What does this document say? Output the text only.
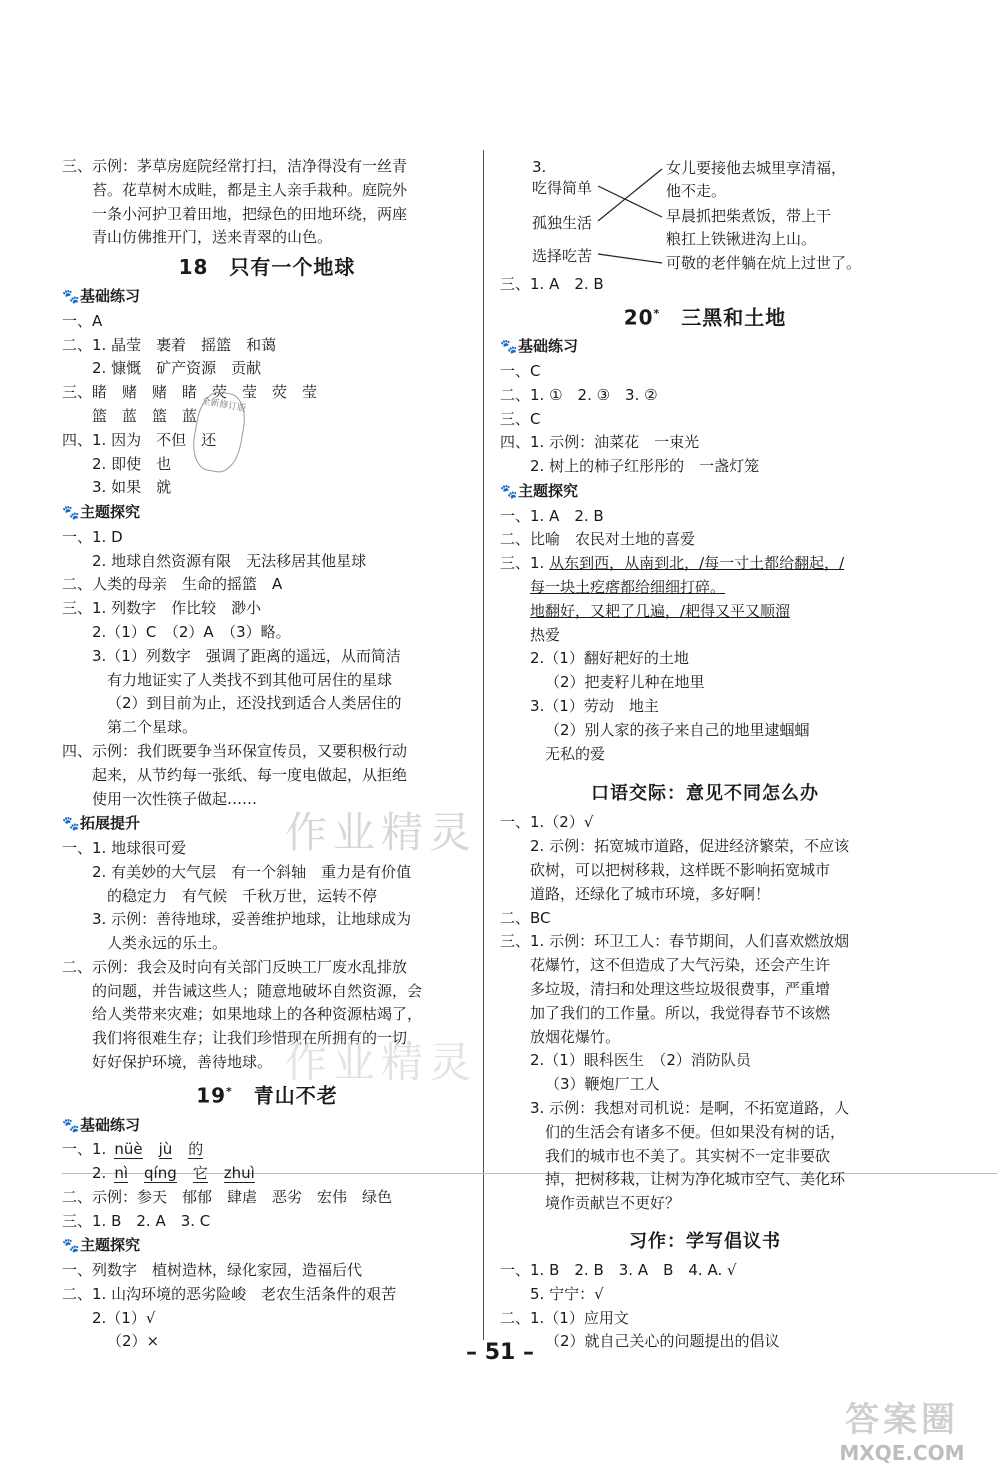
三、示例：茅草房庭院经常打扫，洁净得没有一丝青
苔。花草树木成畦，都是主人亲手栽种。庭院外
一条小河护卫着田地，把绿色的田地环绕，两座
青山仿佛推开门，送来青翠的山色。
18　只有一个地球
🐾基础练习
一、A
二、1. 晶莹　裹着　摇篮　和蔼
2. 慷慨　矿产资源　贡献
三、睹　赌　赌　睹　荧　莹　荧　莹
篮　蓝　篮　蓝
四、1. 因为　不但　还
2. 即使　也
3. 如果　就
🐾主题探究
一、1. D
2. 地球自然资源有限　无法移居其他星球
二、人类的母亲　生命的摇篮　A
三、1. 列数字　作比较　渺小
2.（1）C　（2）A　（3）略。
3.（1）列数字　强调了距离的遥远，从而简洁
有力地证实了人类找不到其他可居住的星球
（2）到目前为止，还没找到适合人类居住的
第二个星球。
四、示例：我们既要争当环保宣传员，又要积极行动
起来，从节约每一张纸、每一度电做起，从拒绝
使用一次性筷子做起……
🐾拓展提升
一、1. 地球很可爱
2. 有美妙的大气层　有一个斜轴　重力是有价值
的稳定力　有气候　千秋万世，运转不停
3. 示例：善待地球，妥善维护地球，让地球成为
人类永远的乐土。
二、示例：我会及时向有关部门反映工厂废水乱排放
的问题，并告诫这些人；随意地破坏自然资源，会
给人类带来灾难；如果地球上的各种资源枯竭了，
我们将很难生存；让我们珍惜现在所拥有的一切，
好好保护环境，善待地球。
19*　 青山不老
🐾基础练习
一、1. nüè jù 的
2. nì qíng 它 zhuì
二、示例：参天　郁郁　肆虐　恶劣　宏伟　绿色
三、1. B　2. A　3. C
🐾主题探究
一、列数字　植树造林，绿化家园，造福后代
二、1. 山沟环境的恶劣险峻　老农生活条件的艰苦
2.（1）√
（2）×
3.
吃得简单
孤独生活
选择吃苦
女儿要接他去城里享清福，
他不走。
早晨抓把柴煮饭，带上干
粮扛上铁锹进沟上山。
可敬的老伴躺在炕上过世了。
三、1. A　2. B
20*　 三黑和土地
🐾基础练习
一、C
二、1. ①　2. ③　3. ②
三、C
四、1. 示例：油菜花　一束光
2. 树上的柿子红彤彤的　一盏灯笼
🐾主题探究
一、1. A　2. B
二、比喻　农民对土地的喜爱
三、1. 从东到西，从南到北，/每一寸土都给翻起，/
每一块土疙瘩都给细细打碎。
地翻好，又耙了几遍，/耙得又平又顺溜
热爱
2.（1）翻好耙好的土地
（2）把麦籽儿种在地里
3.（1）劳动　地主
（2）别人家的孩子来自己的地里逮蝈蝈
无私的爱
口语交际：意见不同怎么办
一、1.（2）√
2. 示例：拓宽城市道路，促进经济繁荣，不应该
砍树，可以把树移栽，这样既不影响拓宽城市
道路，还绿化了城市环境，多好啊！
二、BC
三、1. 示例：环卫工人：春节期间，人们喜欢燃放烟
花爆竹，这不但造成了大气污染，还会产生许
多垃圾，清扫和处理这些垃圾很费事，严重增
加了我们的工作量。所以，我觉得春节不该燃
放烟花爆竹。
2.（1）眼科医生　（2）消防队员
（3）鞭炮厂工人
3. 示例：我想对司机说：是啊，不拓宽道路，人
们的生活会有诸多不便。但如果没有树的话，
我们的城市也不美了。其实树不一定非要砍
掉，把树移栽，让树为净化城市空气、美化环
境作贡献岂不更好？
习作：学写倡议书
一、1. B　2. B　3. A　B　4. A. √
5. 宁宁：√
二、1.（1）应用文
（2）就自己关心的问题提出的倡议
全新修订版
作业精灵
作业精灵
– 51 –
答案圈
MXQE.COM
